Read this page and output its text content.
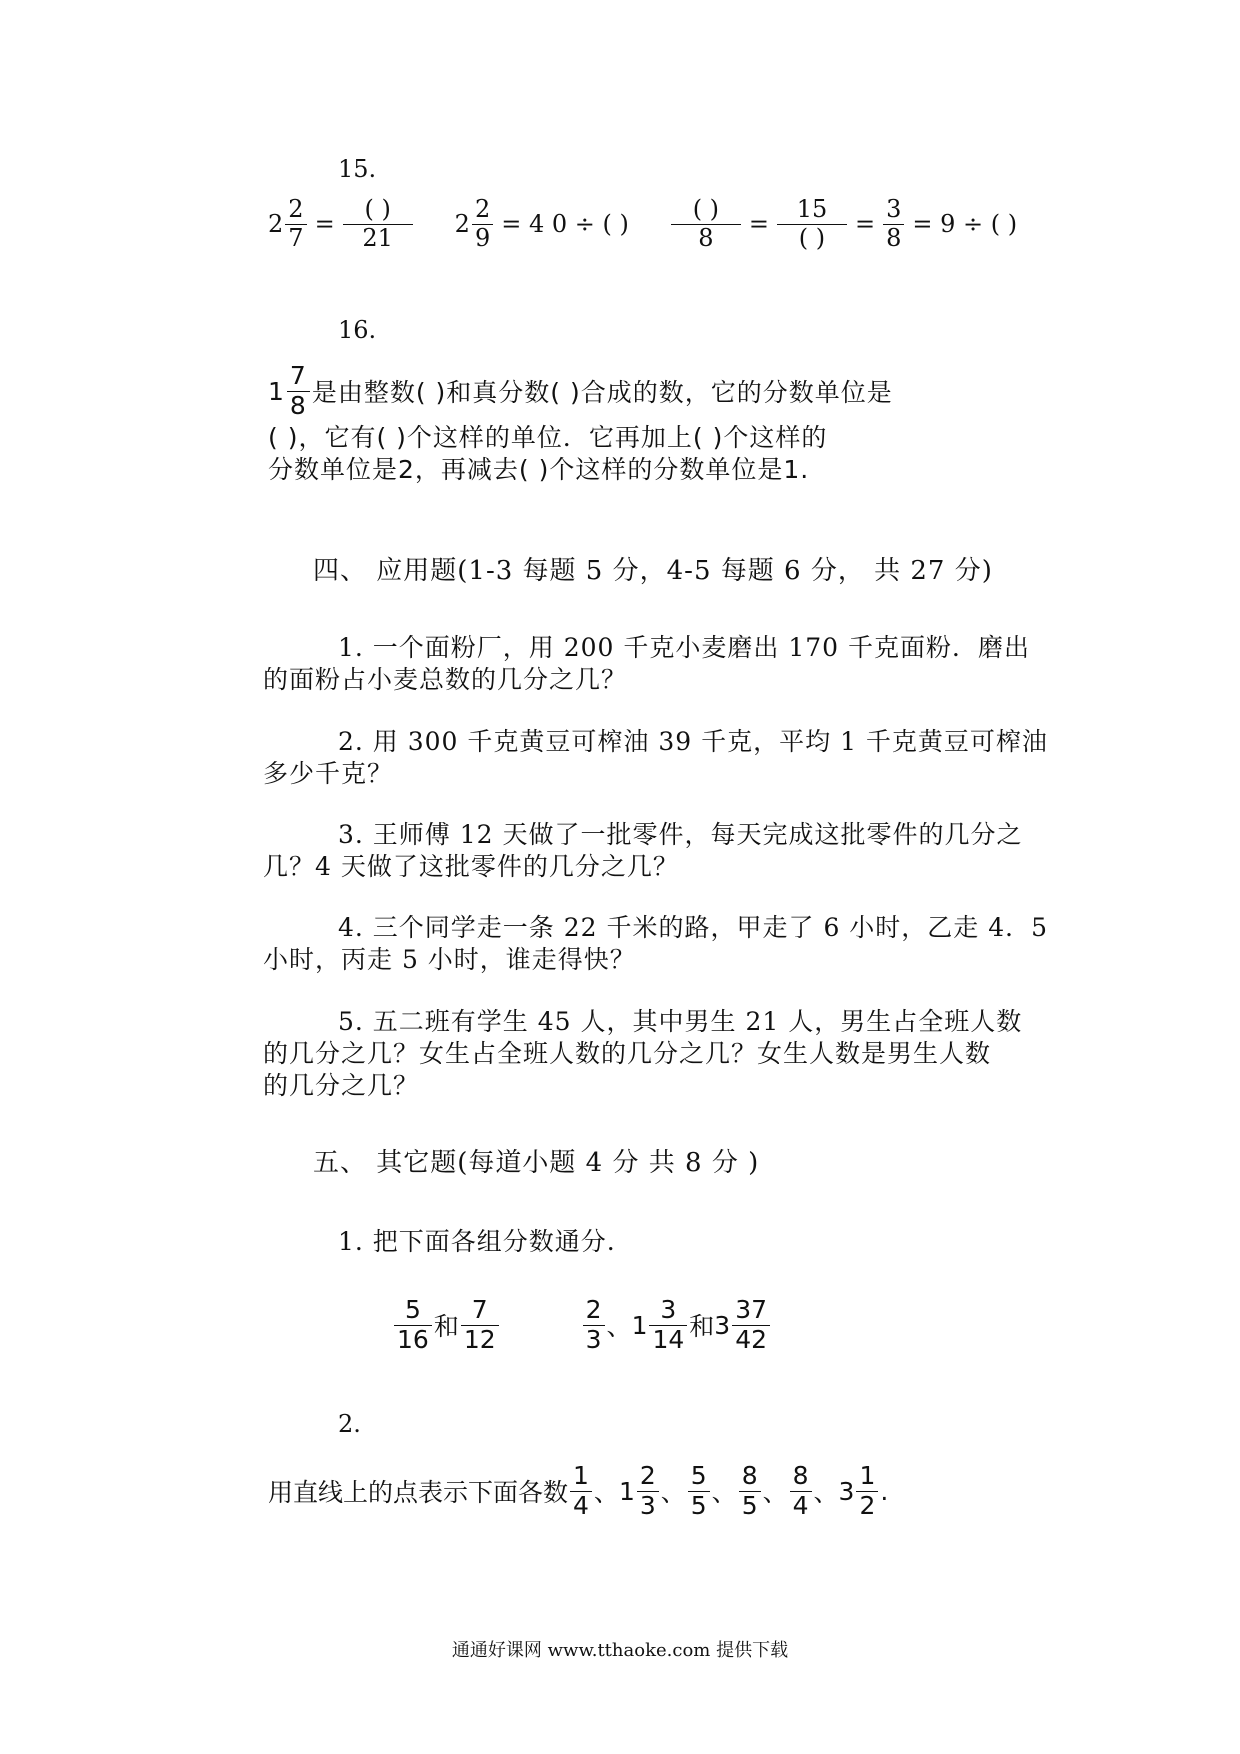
15.
$2 \frac{2}{7} = \frac{( )}{21} 2 \frac{2}{9} = 4$ 0 ÷ ( ) $\frac{( )}{8} = \frac{15}{( )} = \frac{3}{8} = 9$ ÷ ( )
16.
$1 \frac{7}{8}$ 是由整数( )和真分数( )合成的数，它的分数单位是
( )，它有( )个这样的单位．它再加上( )个这样的
分数单位是2，再减去( )个这样的分数单位是1.
四、 应用题(1-3 每题 5 分，4-5 每题 6 分， 共 27 分)
1. 一个面粉厂，用 200 千克小麦磨出 170 千克面粉．磨出
的面粉占小麦总数的几分之几？
2. 用 300 千克黄豆可榨油 39 千克，平均 1 千克黄豆可榨油
多少千克？
3. 王师傅 12 天做了一批零件，每天完成这批零件的几分之
几？4 天做了这批零件的几分之几？
4. 三个同学走一条 22 千米的路，甲走了 6 小时，乙走 4．5
小时，丙走 5 小时，谁走得快？
5. 五二班有学生 45 人，其中男生 21 人，男生占全班人数
的几分之几？女生占全班人数的几分之几？女生人数是男生人数
的几分之几？
五、 其它题(每道小题 4 分 共 8 分 )
1. 把下面各组分数通分.
$\frac{5}{16}$ 和 $\frac{7}{12}$	$\frac{2}{3}$ 、 $1 \frac{3}{14}$ 和 $3 \frac{37}{42}$
2.
用直线上的点表示下面各数 $\frac{1}{4}$ 、 $1 \frac{2}{3}$ 、 $\frac{5}{5}$ 、 $\frac{8}{5}$ 、 $\frac{8}{4}$ 、 $3 \frac{1}{2}$ .
通通好课网 www.tthaoke.com 提供下载
